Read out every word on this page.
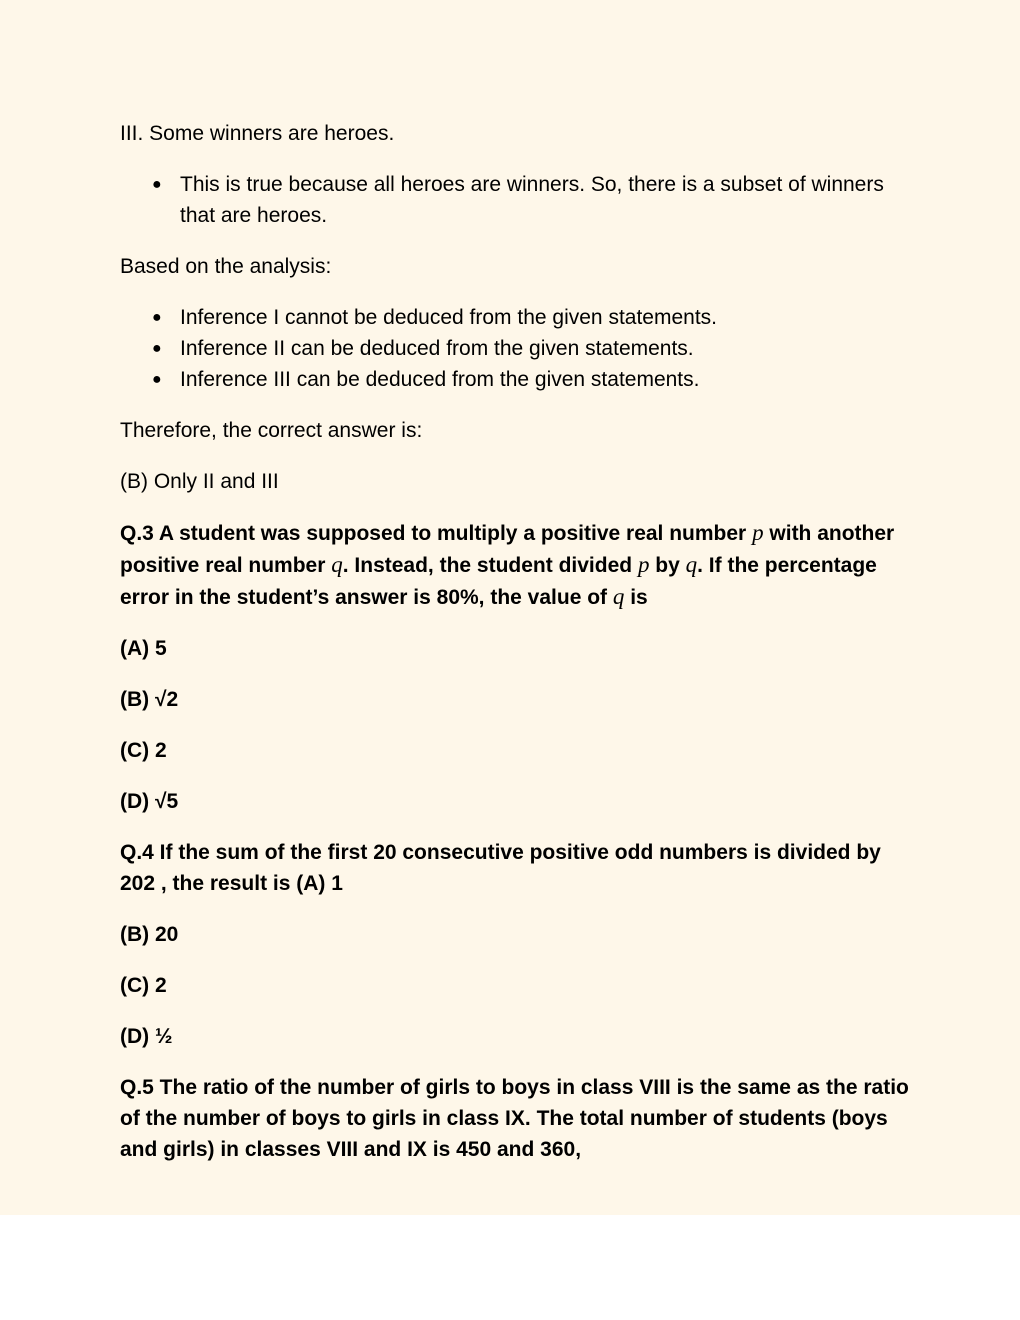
III. Some winners are heroes.
● This is true because all heroes are winners. So, there is a subset of winners that are heroes.
Based on the analysis:
● Inference I cannot be deduced from the given statements.
● Inference II can be deduced from the given statements.
● Inference III can be deduced from the given statements.
Therefore, the correct answer is:
(B) Only II and III
Q.3 A student was supposed to multiply a positive real number p with another positive real number q. Instead, the student divided p by q. If the percentage error in the student’s answer is 80%, the value of q is
(A) 5
(B) √2
(C) 2
(D) √5
Q.4 If the sum of the first 20 consecutive positive odd numbers is divided by 202 , the result is (A) 1
(B) 20
(C) 2
(D) ½
Q.5 The ratio of the number of girls to boys in class VIII is the same as the ratio of the number of boys to girls in class IX. The total number of students (boys and girls) in classes VIII and IX is 450 and 360,
